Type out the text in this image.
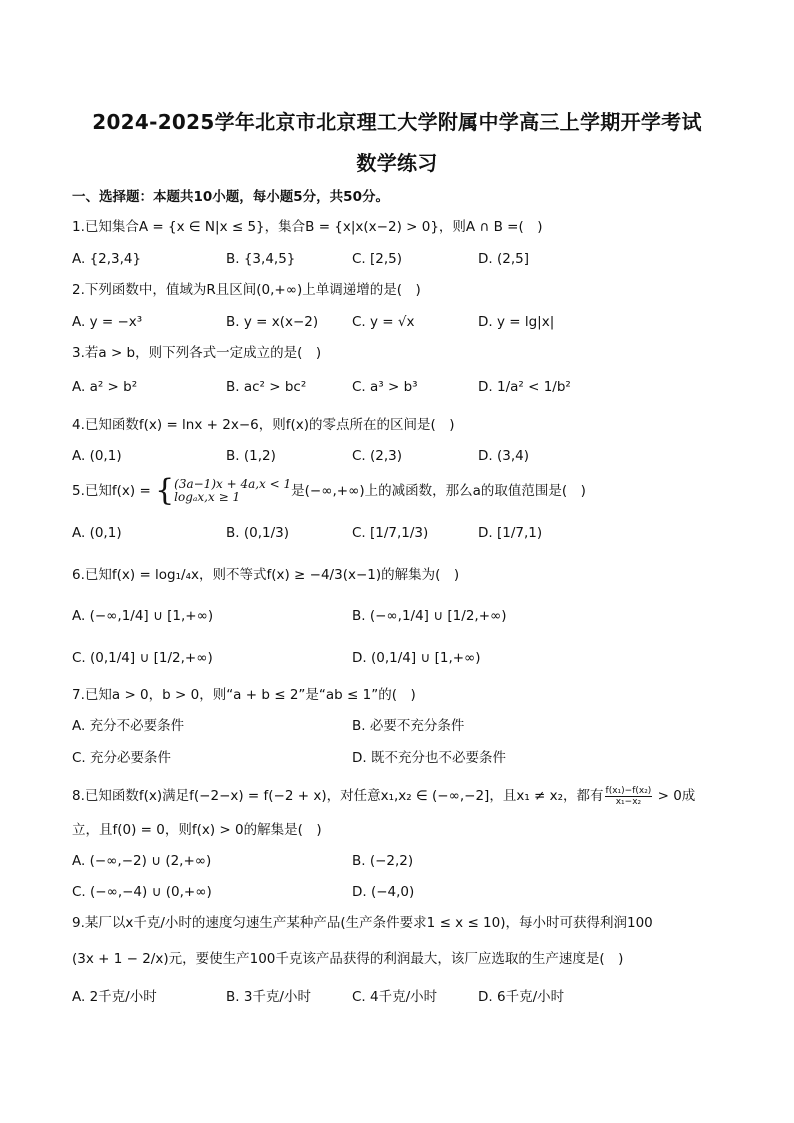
2024-2025学年北京市北京理工大学附属中学高三上学期开学考试
数学练习
一、选择题：本题共10小题，每小题5分，共50分。
1.已知集合A = {x ∈ N|x ≤ 5}，集合B = {x|x(x−2) > 0}，则A ∩ B =(　)
A. {2,3,4}	B. {3,4,5}	C. [2,5)	D. (2,5]
2.下列函数中，值域为R且区间(0,+∞)上单调递增的是(　)
A. y = −x³	B. y = x(x−2)	C. y = √x	D. y = lg|x|
3.若a > b，则下列各式一定成立的是(　)
A. a² > b²	B. ac² > bc²	C. a³ > b³	D. 1/a² < 1/b²
4.已知函数f(x) = lnx + 2x−6，则f(x)的零点所在的区间是(　)
A. (0,1)	B. (1,2)	C. (2,3)	D. (3,4)
5.已知f(x) = { (3a−1)x + 4a,x < 1
logₐx,x ≥ 1	是(−∞,+∞)上的减函数，那么a的取值范围是(　)
A. (0,1)	B. (0,1/3)	C. [1/7,1/3)	D. [1/7,1)
6.已知f(x) = log₁/₄x，则不等式f(x) ≥ −4/3(x−1)的解集为(　)
A. (−∞,1/4] ∪ [1,+∞)	B. (−∞,1/4] ∪ [1/2,+∞)
C. (0,1/4] ∪ [1/2,+∞)	D. (0,1/4] ∪ [1,+∞)
7.已知a > 0，b > 0，则“a + b ≤ 2”是“ab ≤ 1”的(　)
A. 充分不必要条件	B. 必要不充分条件
C. 充分必要条件	D. 既不充分也不必要条件
8.已知函数f(x)满足f(−2−x) = f(−2 + x)，对任意x₁,x₂ ∈ (−∞,−2]，且x₁ ≠ x₂，都有 $\frac{\text{f(x₁)−f(x₂)}}{\text{x₁−x₂}} > 0$成
立，且f(0) = 0，则f(x) > 0的解集是(　)
A. (−∞,−2) ∪ (2,+∞)	B. (−2,2)
C. (−∞,−4) ∪ (0,+∞)	D. (−4,0)
9.某厂以x千克/小时的速度匀速生产某种产品(生产条件要求1 ≤ x ≤ 10)，每小时可获得利润100
(3x + 1 − 2/x)元，要使生产100千克该产品获得的利润最大，该厂应选取的生产速度是(　)
A. 2千克/小时	B. 3千克/小时	C. 4千克/小时	D. 6千克/小时
